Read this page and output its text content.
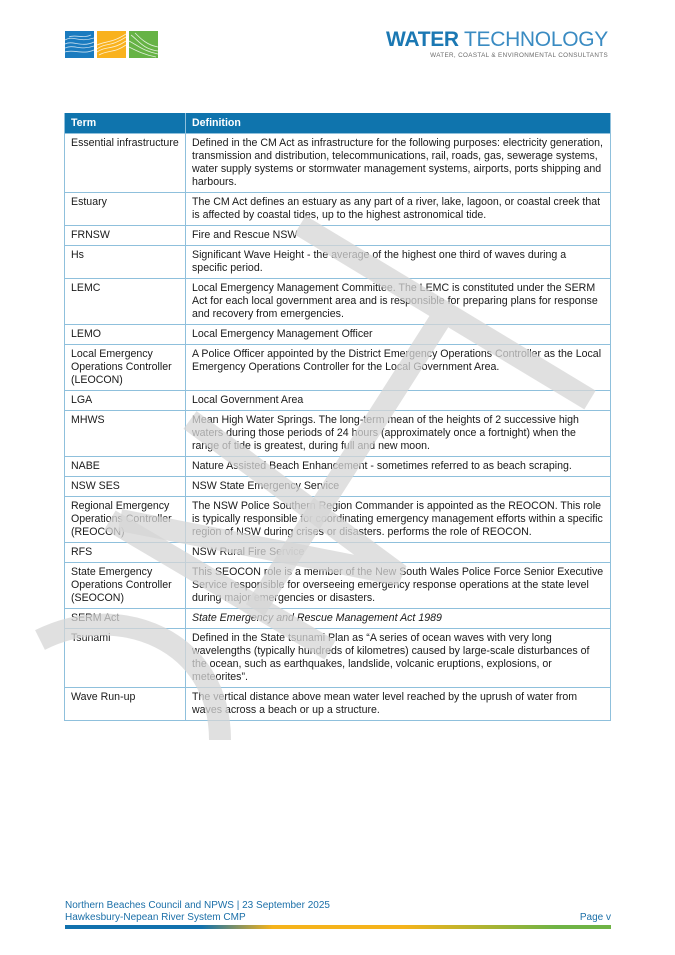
WATER TECHNOLOGY
WATER, COASTAL & ENVIRONMENTAL CONSULTANTS
Term	Definition
Essential infrastructure	Defined in the CM Act as infrastructure for the following purposes: electricity generation, transmission and distribution, telecommunications, rail, roads, gas, sewerage systems, water supply systems or stormwater management systems, airports, ports shipping and harbours.
Estuary	The CM Act defines an estuary as any part of a river, lake, lagoon, or coastal creek that is affected by coastal tides, up to the highest astronomical tide.
FRNSW	Fire and Rescue NSW
Hs	Significant Wave Height - the average of the highest one third of waves during a specific period.
LEMC	Local Emergency Management Committee. The LEMC is constituted under the SERM Act for each local government area and is responsible for preparing plans for response and recovery from emergencies.
LEMO	Local Emergency Management Officer
Local Emergency Operations Controller (LEOCON)	A Police Officer appointed by the District Emergency Operations Controller as the Local Emergency Operations Controller for the Local Government Area.
LGA	Local Government Area
MHWS	Mean High Water Springs. The long-term mean of the heights of 2 successive high waters during those periods of 24 hours (approximately once a fortnight) when the range of tide is greatest, during full and new moon.
NABE	Nature Assisted Beach Enhancement - sometimes referred to as beach scraping.
NSW SES	NSW State Emergency Service
Regional Emergency Operations Controller (REOCON)	The NSW Police Southern Region Commander is appointed as the REOCON. This role is typically responsible for coordinating emergency management efforts within a specific region of NSW during crises or disasters. performs the role of REOCON.
RFS	NSW Rural Fire Service
State Emergency Operations Controller (SEOCON)	This SEOCON role is a member of the New South Wales Police Force Senior Executive Service responsible for overseeing emergency response operations at the state level during major emergencies or disasters.
SERM Act	State Emergency and Rescue Management Act 1989
Tsunami	Defined in the State tsunami Plan as “A series of ocean waves with very long wavelengths (typically hundreds of kilometres) caused by large-scale disturbances of the ocean, such as earthquakes, landslide, volcanic eruptions, explosions, or meteorites”.
Wave Run-up	The vertical distance above mean water level reached by the uprush of water from waves across a beach or up a structure.
Northern Beaches Council and NPWS | 23 September 2025
Hawkesbury-Nepean River System CMP	Page v
